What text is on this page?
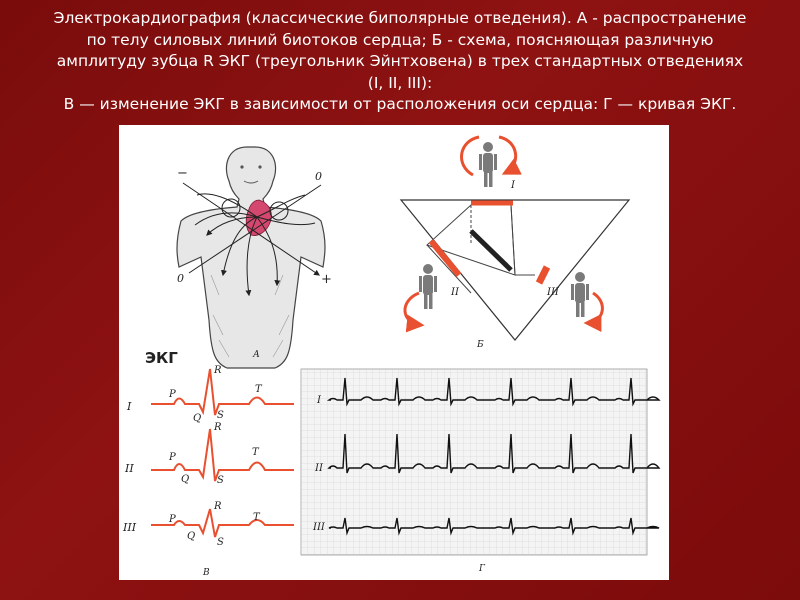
Электрокардиография (классические биполярные отведения). А - распространение

по телу силовых линий биотоков сердца; Б - схема, поясняющая различную

амплитуду зубца R ЭКГ (треугольник Эйнтховена) в трех стандартных отведениях

(I, II, III):

В — изменение ЭКГ в зависимости от расположения оси сердца: Г — кривая ЭКГ.

−	0
0	+
А
I
II	III
Б
ЭКГ
I
P
Q
R
S
T
II
P
Q
R
S
T
III
P
Q
R
S
T
В
I
II
III
Г
